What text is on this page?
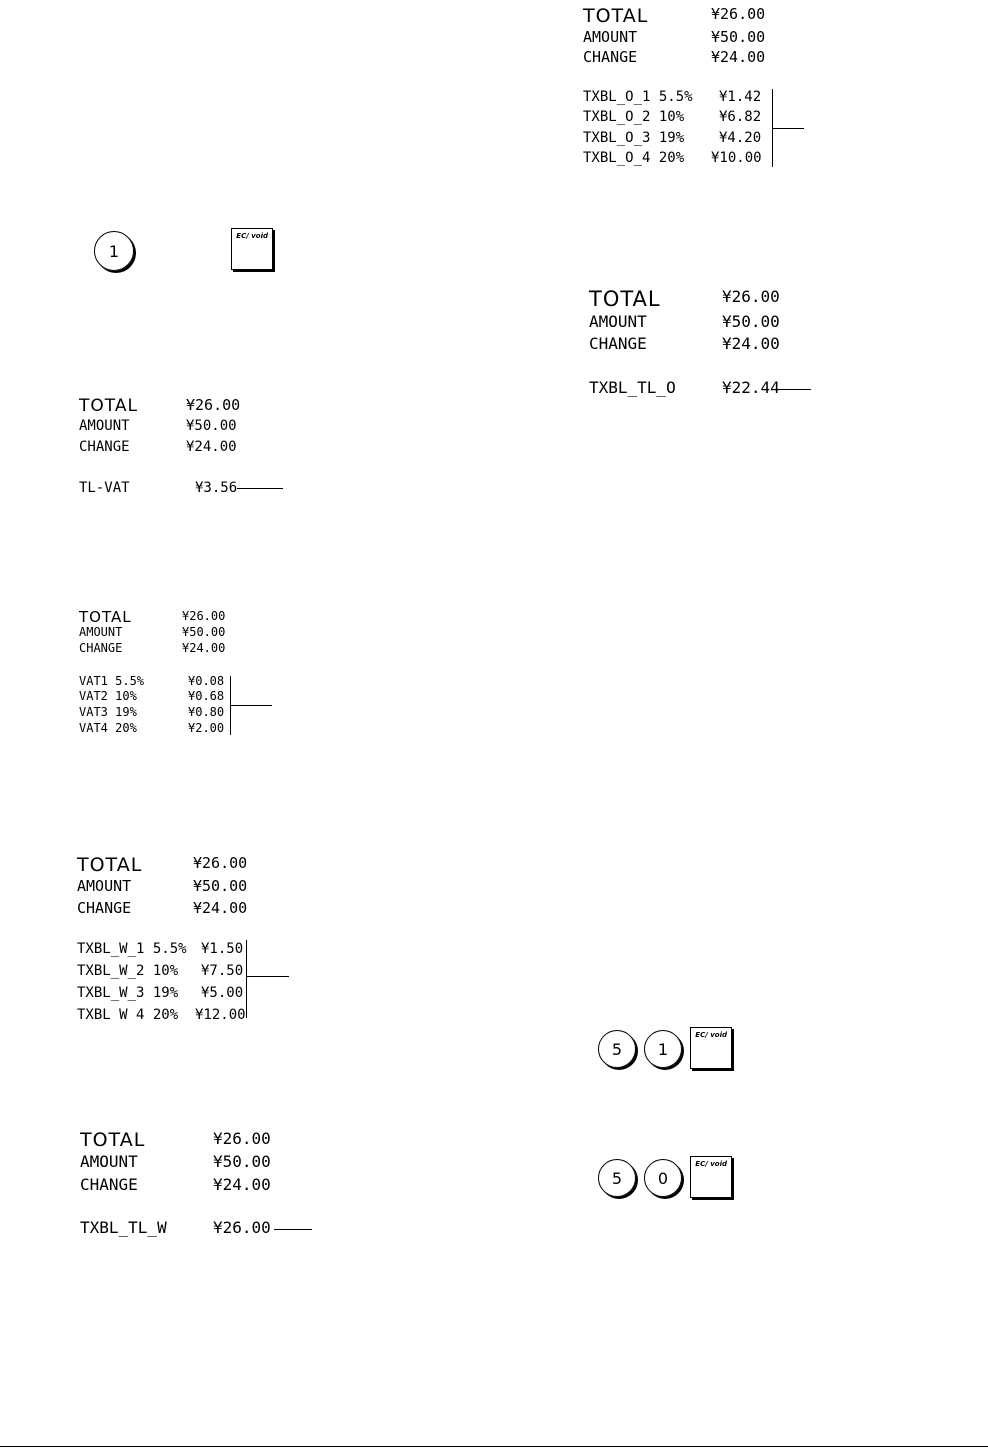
1
EC/ void
TOTAL	¥26.00
AMOUNT	¥50.00
CHANGE	¥24.00
TL-VAT	¥3.56
TOTAL	¥26.00
AMOUNT	¥50.00
CHANGE	¥24.00
VAT1 5.5%	¥0.08
VAT2 10%	¥0.68
VAT3 19%	¥0.80
VAT4 20%	¥2.00
TOTAL	¥26.00
AMOUNT	¥50.00
CHANGE	¥24.00
TXBL_W_1 5.5% ¥1.50
TXBL_W_2 10% ¥7.50
TXBL_W_3 19% ¥5.00
TXBL W 4 20% ¥12.00
TOTAL	¥26.00
AMOUNT	¥50.00
CHANGE	¥24.00
TXBL_TL_W	¥26.00
TOTAL	¥26.00
AMOUNT	¥50.00
CHANGE	¥24.00
TXBL_O_1 5.5% ¥1.42
TXBL_O_2 10% ¥6.82
TXBL_O_3 19% ¥4.20
TXBL_O_4 20% ¥10.00
TOTAL	¥26.00
AMOUNT	¥50.00
CHANGE	¥24.00
TXBL_TL_O	¥22.44
5	1
EC/ void
5	0
EC/ void
